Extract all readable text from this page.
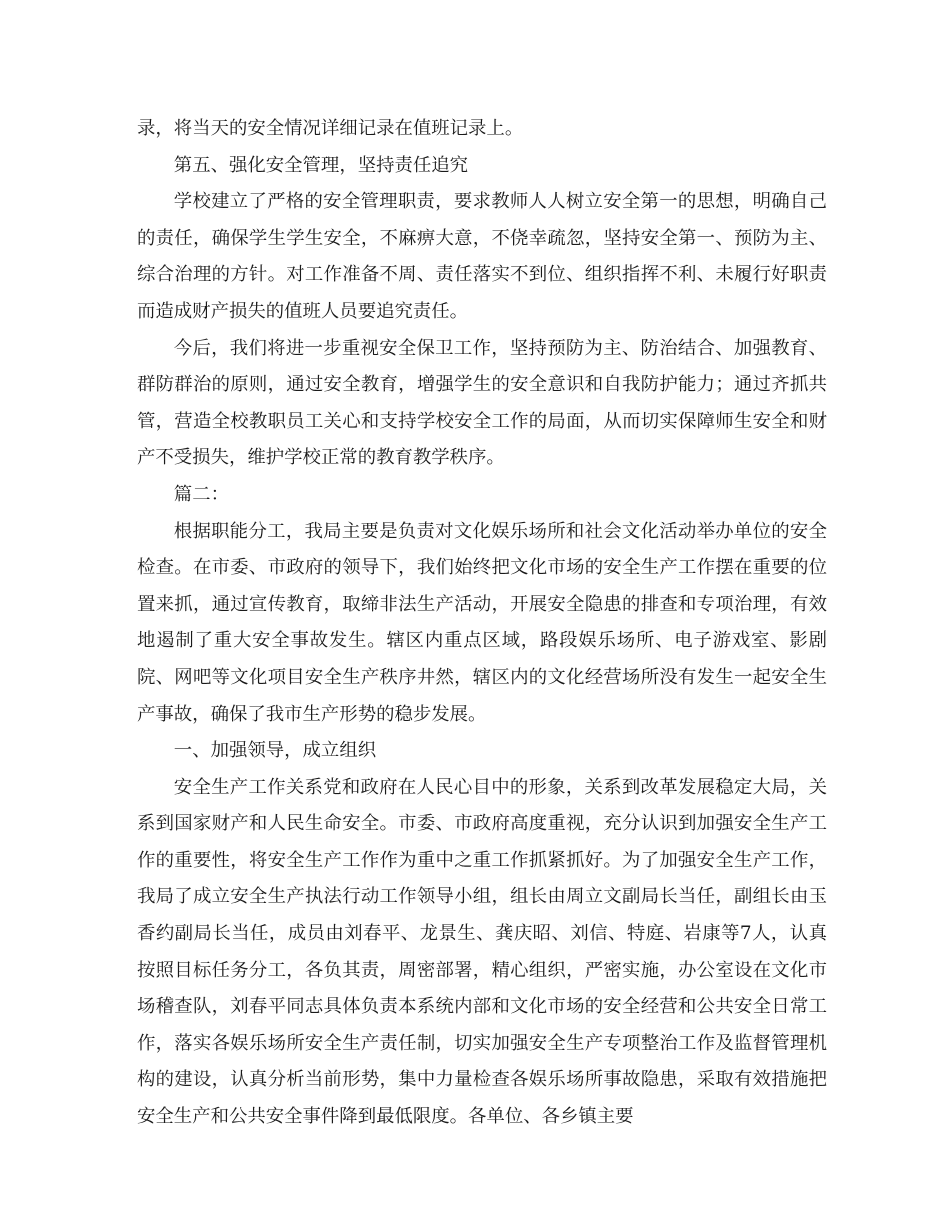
录，将当天的安全情况详细记录在值班记录上。

第五、强化安全管理，坚持责任追究

学校建立了严格的安全管理职责，要求教师人人树立安全第一的思想，明确自己的责任，确保学生学生安全，不麻痹大意，不侥幸疏忽，坚持安全第一、预防为主、综合治理的方针。对工作准备不周、责任落实不到位、组织指挥不利、未履行好职责而造成财产损失的值班人员要追究责任。

今后，我们将进一步重视安全保卫工作，坚持预防为主、防治结合、加强教育、群防群治的原则，通过安全教育，增强学生的安全意识和自我防护能力；通过齐抓共管，营造全校教职员工关心和支持学校安全工作的局面，从而切实保障师生安全和财产不受损失，维护学校正常的教育教学秩序。

篇二：

根据职能分工，我局主要是负责对文化娱乐场所和社会文化活动举办单位的安全检查。在市委、市政府的领导下，我们始终把文化市场的安全生产工作摆在重要的位置来抓，通过宣传教育，取缔非法生产活动，开展安全隐患的排查和专项治理，有效地遏制了重大安全事故发生。辖区内重点区域，路段娱乐场所、电子游戏室、影剧院、网吧等文化项目安全生产秩序井然，辖区内的文化经营场所没有发生一起安全生产事故，确保了我市生产形势的稳步发展。

一、加强领导，成立组织

安全生产工作关系党和政府在人民心目中的形象，关系到改革发展稳定大局，关系到国家财产和人民生命安全。市委、市政府高度重视，充分认识到加强安全生产工作的重要性，将安全生产工作作为重中之重工作抓紧抓好。为了加强安全生产工作，我局了成立安全生产执法行动工作领导小组，组长由周立文副局长当任，副组长由玉香约副局长当任，成员由刘春平、龙景生、龚庆昭、刘信、特庭、岩康等7人，认真按照目标任务分工，各负其责，周密部署，精心组织，严密实施，办公室设在文化市场稽查队，刘春平同志具体负责本系统内部和文化市场的安全经营和公共安全日常工作，落实各娱乐场所安全生产责任制，切实加强安全生产专项整治工作及监督管理机构的建设，认真分析当前形势，集中力量检查各娱乐场所事故隐患，采取有效措施把安全生产和公共安全事件降到最低限度。各单位、各乡镇主要
